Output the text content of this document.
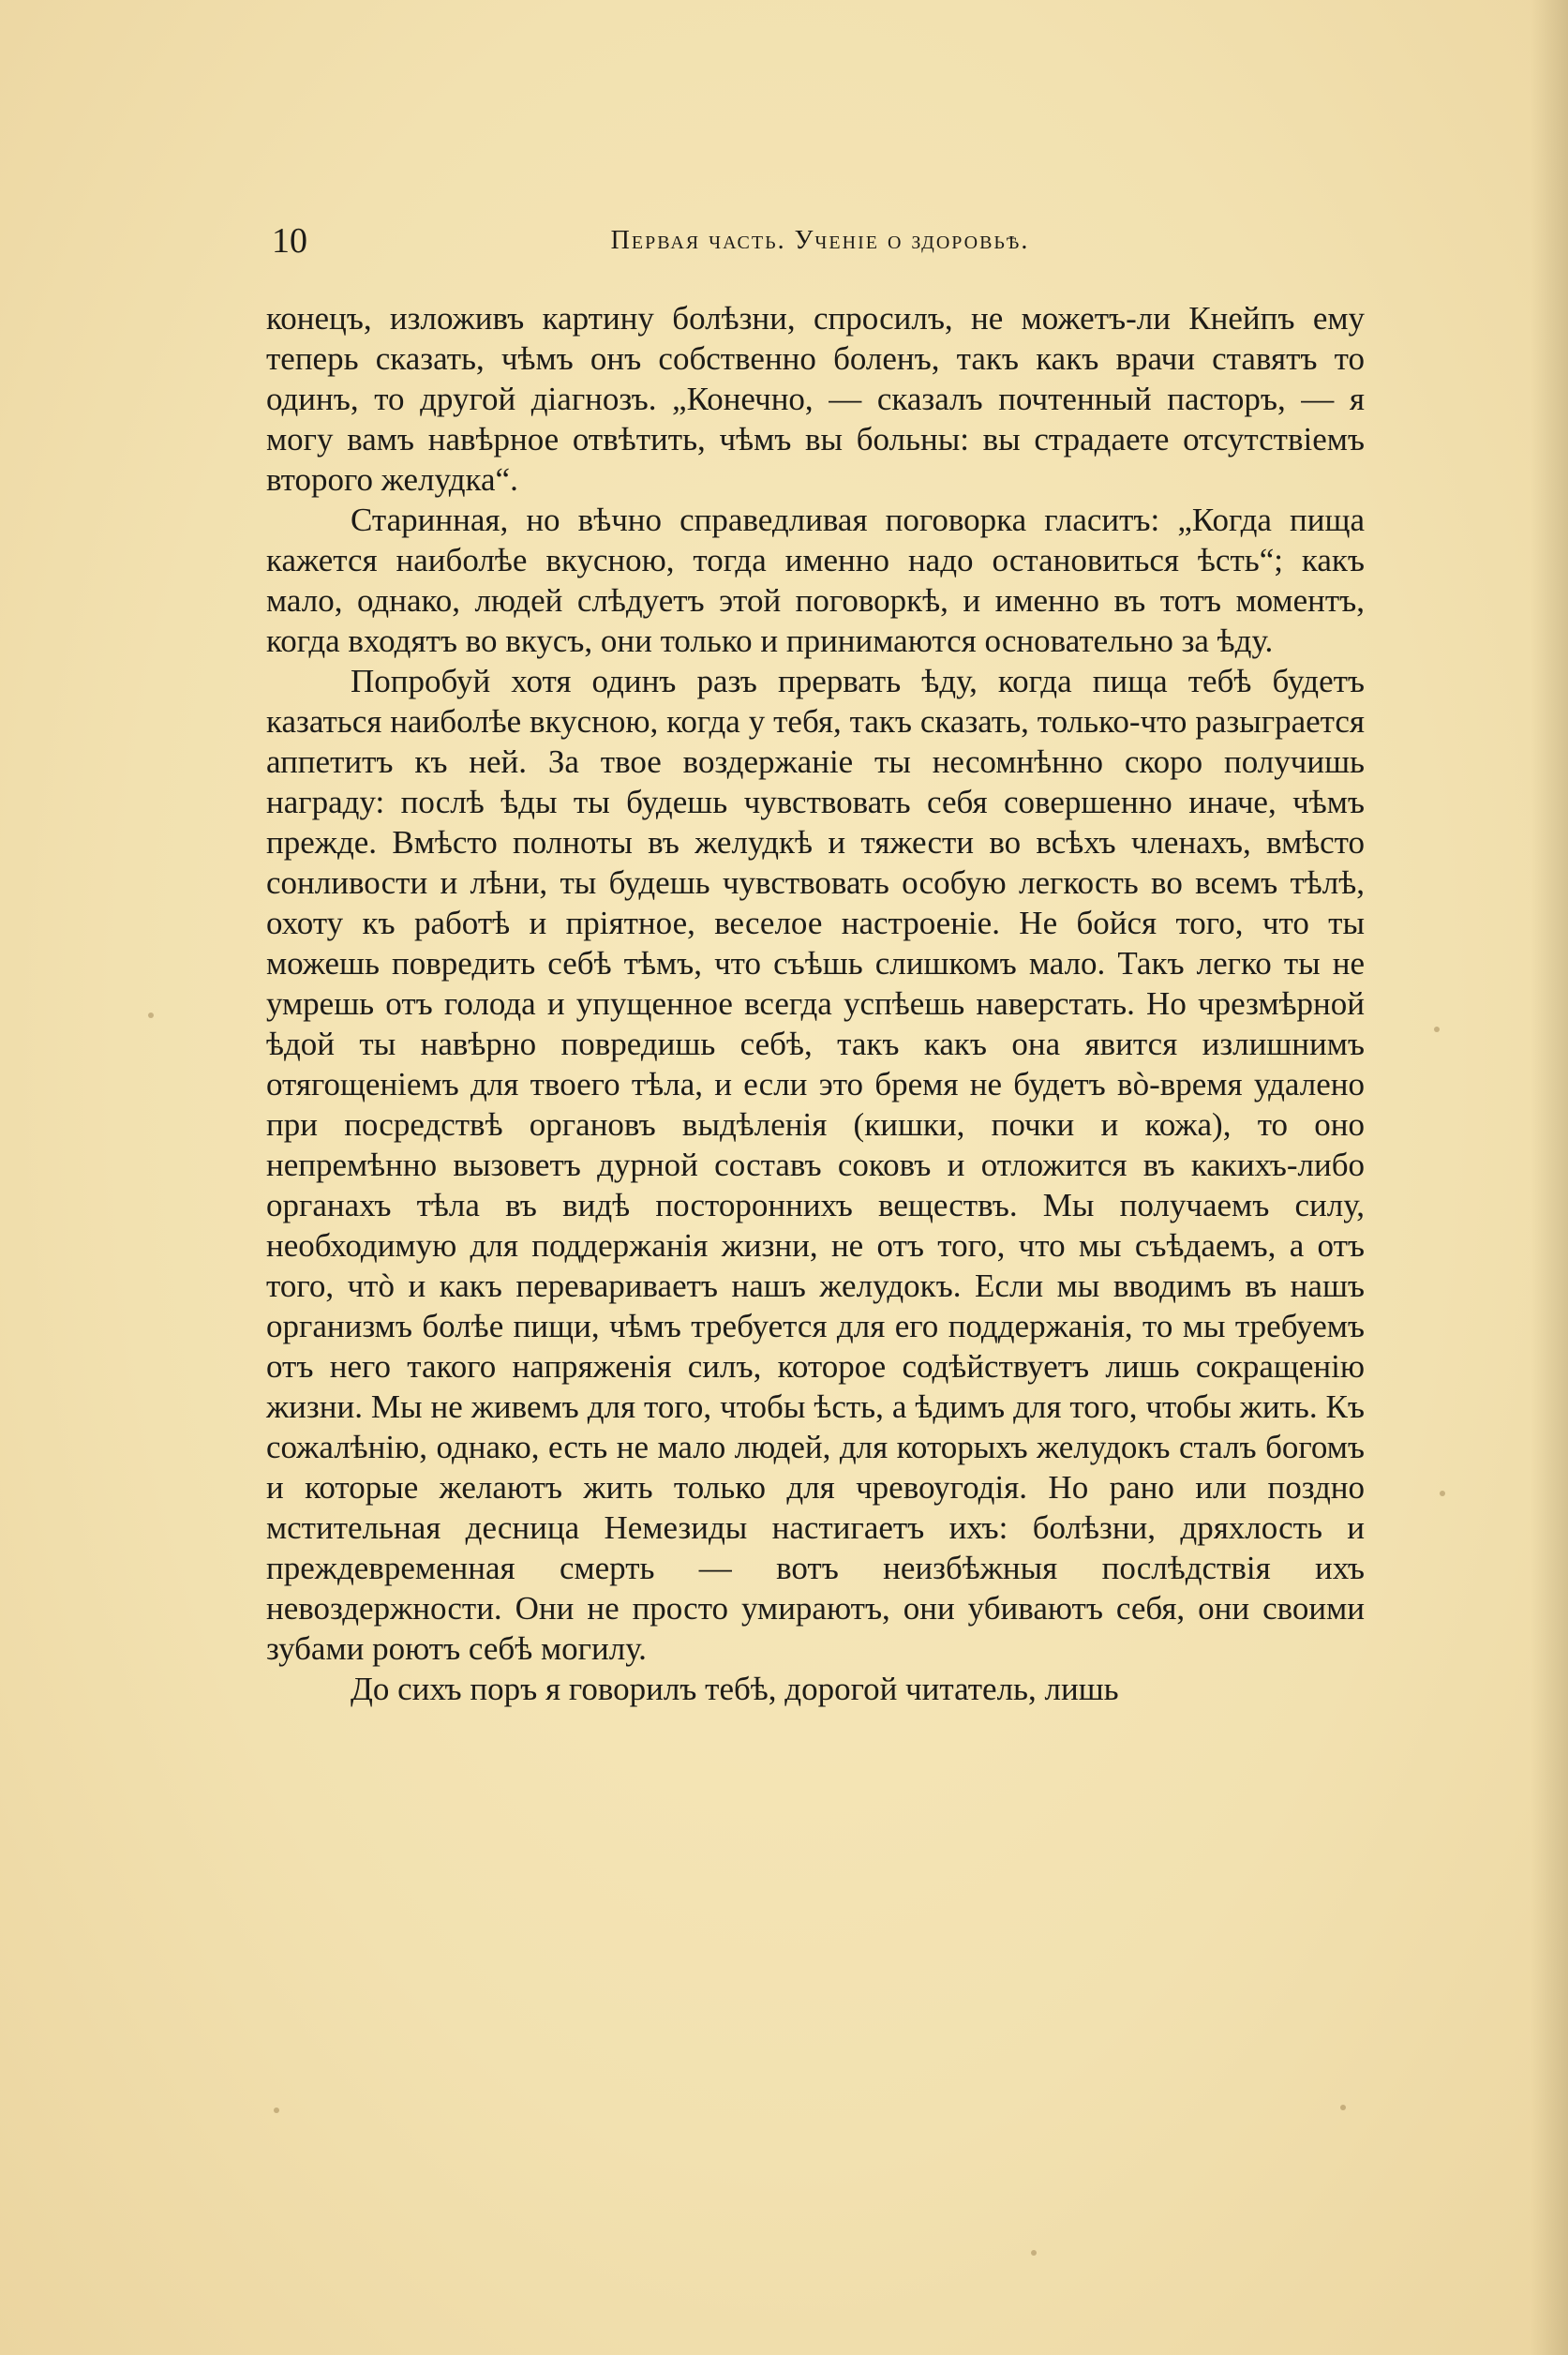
10	Первая часть. Ученіе о здоровьѣ.

конецъ, изложивъ картину болѣзни, спросилъ, не можетъ-ли Кнейпъ ему теперь сказать, чѣмъ онъ собственно боленъ, такъ какъ врачи ставятъ то одинъ, то другой діагнозъ. „Конечно, — сказалъ почтенный пасторъ, — я могу вамъ навѣрное отвѣтить, чѣмъ вы больны: вы страдаете отсутствіемъ второго желудка“.

Старинная, но вѣчно справедливая поговорка гласитъ: „Когда пища кажется наиболѣе вкусною, тогда именно надо остановиться ѣсть“; какъ мало, однако, людей слѣдуетъ этой поговоркѣ, и именно въ тотъ моментъ, когда входятъ во вкусъ, они только и принимаются основательно за ѣду.

Попробуй хотя одинъ разъ прервать ѣду, когда пища тебѣ будетъ казаться наиболѣе вкусною, когда у тебя, такъ сказать, только-что разыгрaется аппетитъ къ ней. За твое воздержаніе ты несомнѣнно скоро получишь награду: послѣ ѣды ты будешь чувствовать себя совершенно иначе, чѣмъ прежде. Вмѣсто полноты въ желудкѣ и тяжести во всѣхъ членахъ, вмѣсто сонливости и лѣни, ты будешь чувствовать особую легкость во всемъ тѣлѣ, охоту къ работѣ и пріятное, веселое настроеніе. Не бойся того, что ты можешь повредить себѣ тѣмъ, что съѣшь слишкомъ мало. Такъ легко ты не умрешь отъ голода и упущенное всегда успѣешь наверстать. Но чрезмѣрной ѣдой ты навѣрно повредишь себѣ, такъ какъ она явится излишнимъ отягощеніемъ для твоего тѣла, и если это бремя не будетъ вò-время удалено при посредствѣ органовъ выдѣленія (кишки, почки и кожа), то оно непремѣнно вызоветъ дурной составъ соковъ и отложится въ какихъ-либо органахъ тѣла въ видѣ постороннихъ веществъ. Мы получаемъ силу, необходимую для поддержанія жизни, не отъ того, что мы съѣдаемъ, а отъ того, чтò и какъ переваpиваетъ нашъ желудокъ. Если мы вводимъ въ нашъ организмъ болѣе пищи, чѣмъ требуется для его поддержанія, то мы требуемъ отъ него такого напряженія силъ, которое содѣйствуетъ лишь сокращенію жизни. Мы не живемъ для того, чтобы ѣсть, а ѣдимъ для того, чтобы жить. Къ сожалѣнію, однако, есть не мало людей, для которыхъ желудокъ сталъ богомъ и которые желаютъ жить только для чревоугодія. Но рано или поздно мстительная десница Немезиды настигаетъ ихъ: болѣзни, дряхлость и преждевременная смерть — вотъ неизбѣжныя послѣдствія ихъ невоздержности. Они не просто умираютъ, они убиваютъ себя, они своими зубами роютъ себѣ могилу.

До сихъ поръ я говорилъ тебѣ, дорогой читатель, лишь
